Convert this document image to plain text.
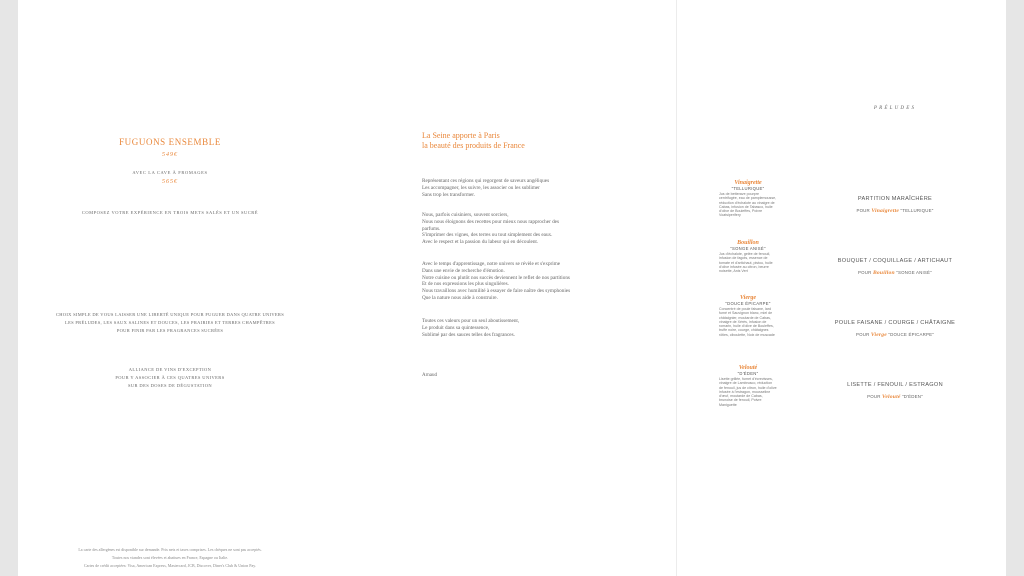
FUGUONS ENSEMBLE
549€
AVEC LA CAVE À FROMAGES
565€
COMPOSEZ VOTRE EXPÉRIENCE EN TROIS METS SALÉS ET UN SUCRÉ
CHOIX SIMPLE DE VOUS LAISSER UNE LIBERTÉ UNIQUE POUR FUGUER DANS QUATRE UNIVERS
LES PRÉLUDES, LES SAUX SALINES ET DOUCES, LES PRAIRIES ET TERRES CHAMPÊTRES
POUR FINIR PAR LES FRAGRANCES SUCRÉES
ALLIANCE DE VINS D'EXCEPTION
POUR Y ASSOCIER À CES QUATRES UNIVERS
SUR DES DOSES DE DÉGUSTATION
La carte des allergènes est disponible sur demande. Prix nets et taxes comprises. Les chèques ne sont pas acceptés.
Toutes nos viandes sont élevées et abattues en France, Espagne ou Italie.
Cartes de crédit acceptées: Visa, American Express, Mastercard, JCB, Discover, Diner's Club & Union Pay.
La Seine apporte à Paris
la beauté des produits de France
Représentant ces régions qui regorgent de saveurs angéliques
Les accompagner, les suivre, les associer ou les sublimer
Sans trop les transformer.
Nous, parfois cuisiniers, souvent sorciers,
Nous nous éloignons des recettes pour mieux nous rapprocher des
parfums.
S'imprimer des vignes, des terres ou tout simplement des eaux.
Avec le respect et la passion du labeur qui en découlent.
Avec le temps d'apprentissage, notre univers se révèle et s'exprime
Dans une envie de recherche d'émotion.
Notre cuisine ou plutôt nos succès deviennent le reflet de nos partitions
Et de nos expressions les plus singulières.
Nous travaillons avec humilité à essayer de faire naître des symphonies
Que la nature nous aide à construire.
Toutes ces valeurs pour un seul aboutissement,
Le produit dans sa quintessence,
Sublimé par des sauces telles des fragrances.
Arnaud
Vinaigrette
"TELLURIQUE"
Jus de betterave pourpre centrifugée, eau de pamplemousse, réduction d'échalote au vinaigre de Cabas, infusion de Tabasco, huile d'olive de Bouleffes, Poivre Voatsiperifery
Bouillon
"SONGE ANISÉ"
Jus d'échalote, gelée de fenouil, infusion de fagots, essence de tomate et d'artichaut, pistou, huile d'olive infusée au citron, beurre noisette, Anis Vert
Vierge
"DOUCE ÉPICARPE"
Concentré de poule faisane, lard fumé et Sauvignon blanc, miel de châtaignier, moutarde de Cabas, vinaigre de Xérès, infusion de romarin, huile d'olive de Bouleffes, truffe noire, courge, châtaignes rôties, ciboulette, Noix de muscade
Velouté
"D'ÉDEN"
Lisette grillée, fumet d'écrevisses, vinaigre de Lambrusco, réduction de fenouil, jus de citron, huile d'olive infusée à l'estragon, mousseline d'œuf, moutarde de Cabas, brunoise de fenouil, Poivre Maniguette
PRÉLUDES
PARTITION MARAÎCHÈRE
POUR Vinaigrette "TELLURIQUE"
BOUQUET / COQUILLAGE / ARTICHAUT
POUR Bouillon "SONGE ANISÉ"
POULE FAISANE / COURGE / CHÂTAIGNE
POUR Vierge "DOUCE ÉPICARPE"
LISETTE / FENOUIL / ESTRAGON
POUR Velouté "D'ÉDEN"
